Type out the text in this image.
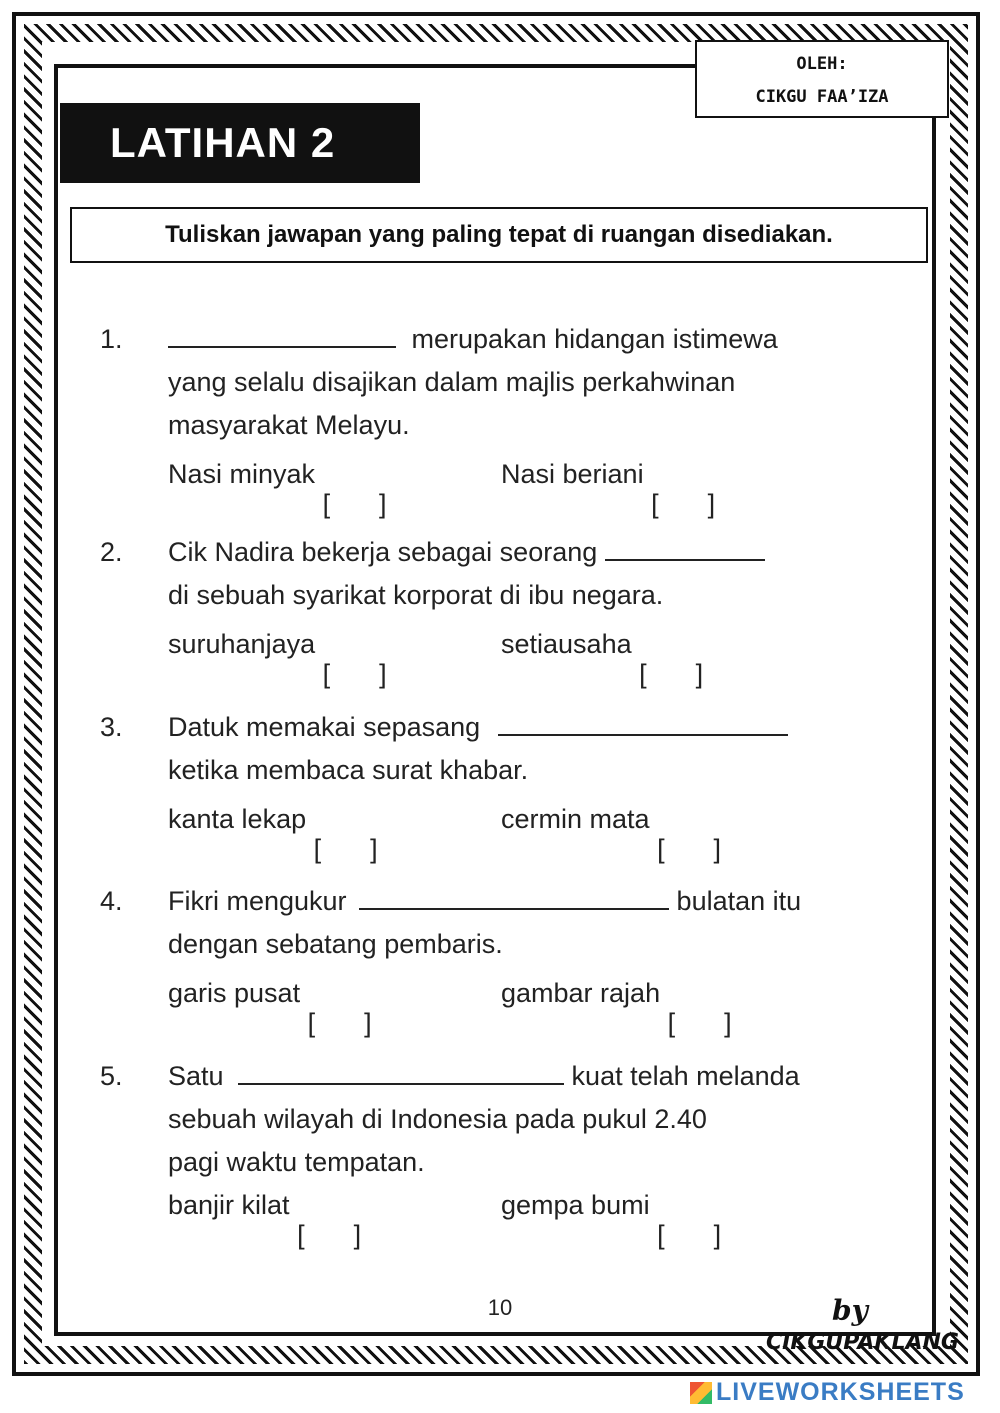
OLEH:
CIKGU FAA’IZA
LATIHAN 2
Tuliskan jawapan yang paling tepat di ruangan disediakan.
1.	merupakan hidangan istimewa
yang selalu disajikan dalam majlis perkahwinan
masyarakat Melayu.
Nasi minyak	Nasi beriani
2.	Cik Nadira bekerja sebagai seorang
di sebuah syarikat korporat di ibu negara.
suruhanjaya	setiausaha
3.	Datuk memakai sepasang
ketika membaca surat khabar.
kanta lekap	cermin mata
4.	Fikri mengukur	bulatan itu
dengan sebatang pembaris.
garis pusat	gambar rajah
5.	Satu	kuat telah melanda
sebuah wilayah di Indonesia pada pukul 2.40
pagi waktu tempatan.
banjir kilat	gempa bumi
10	by
CIKGUPAKLANG
LIVEWORKSHEETS
